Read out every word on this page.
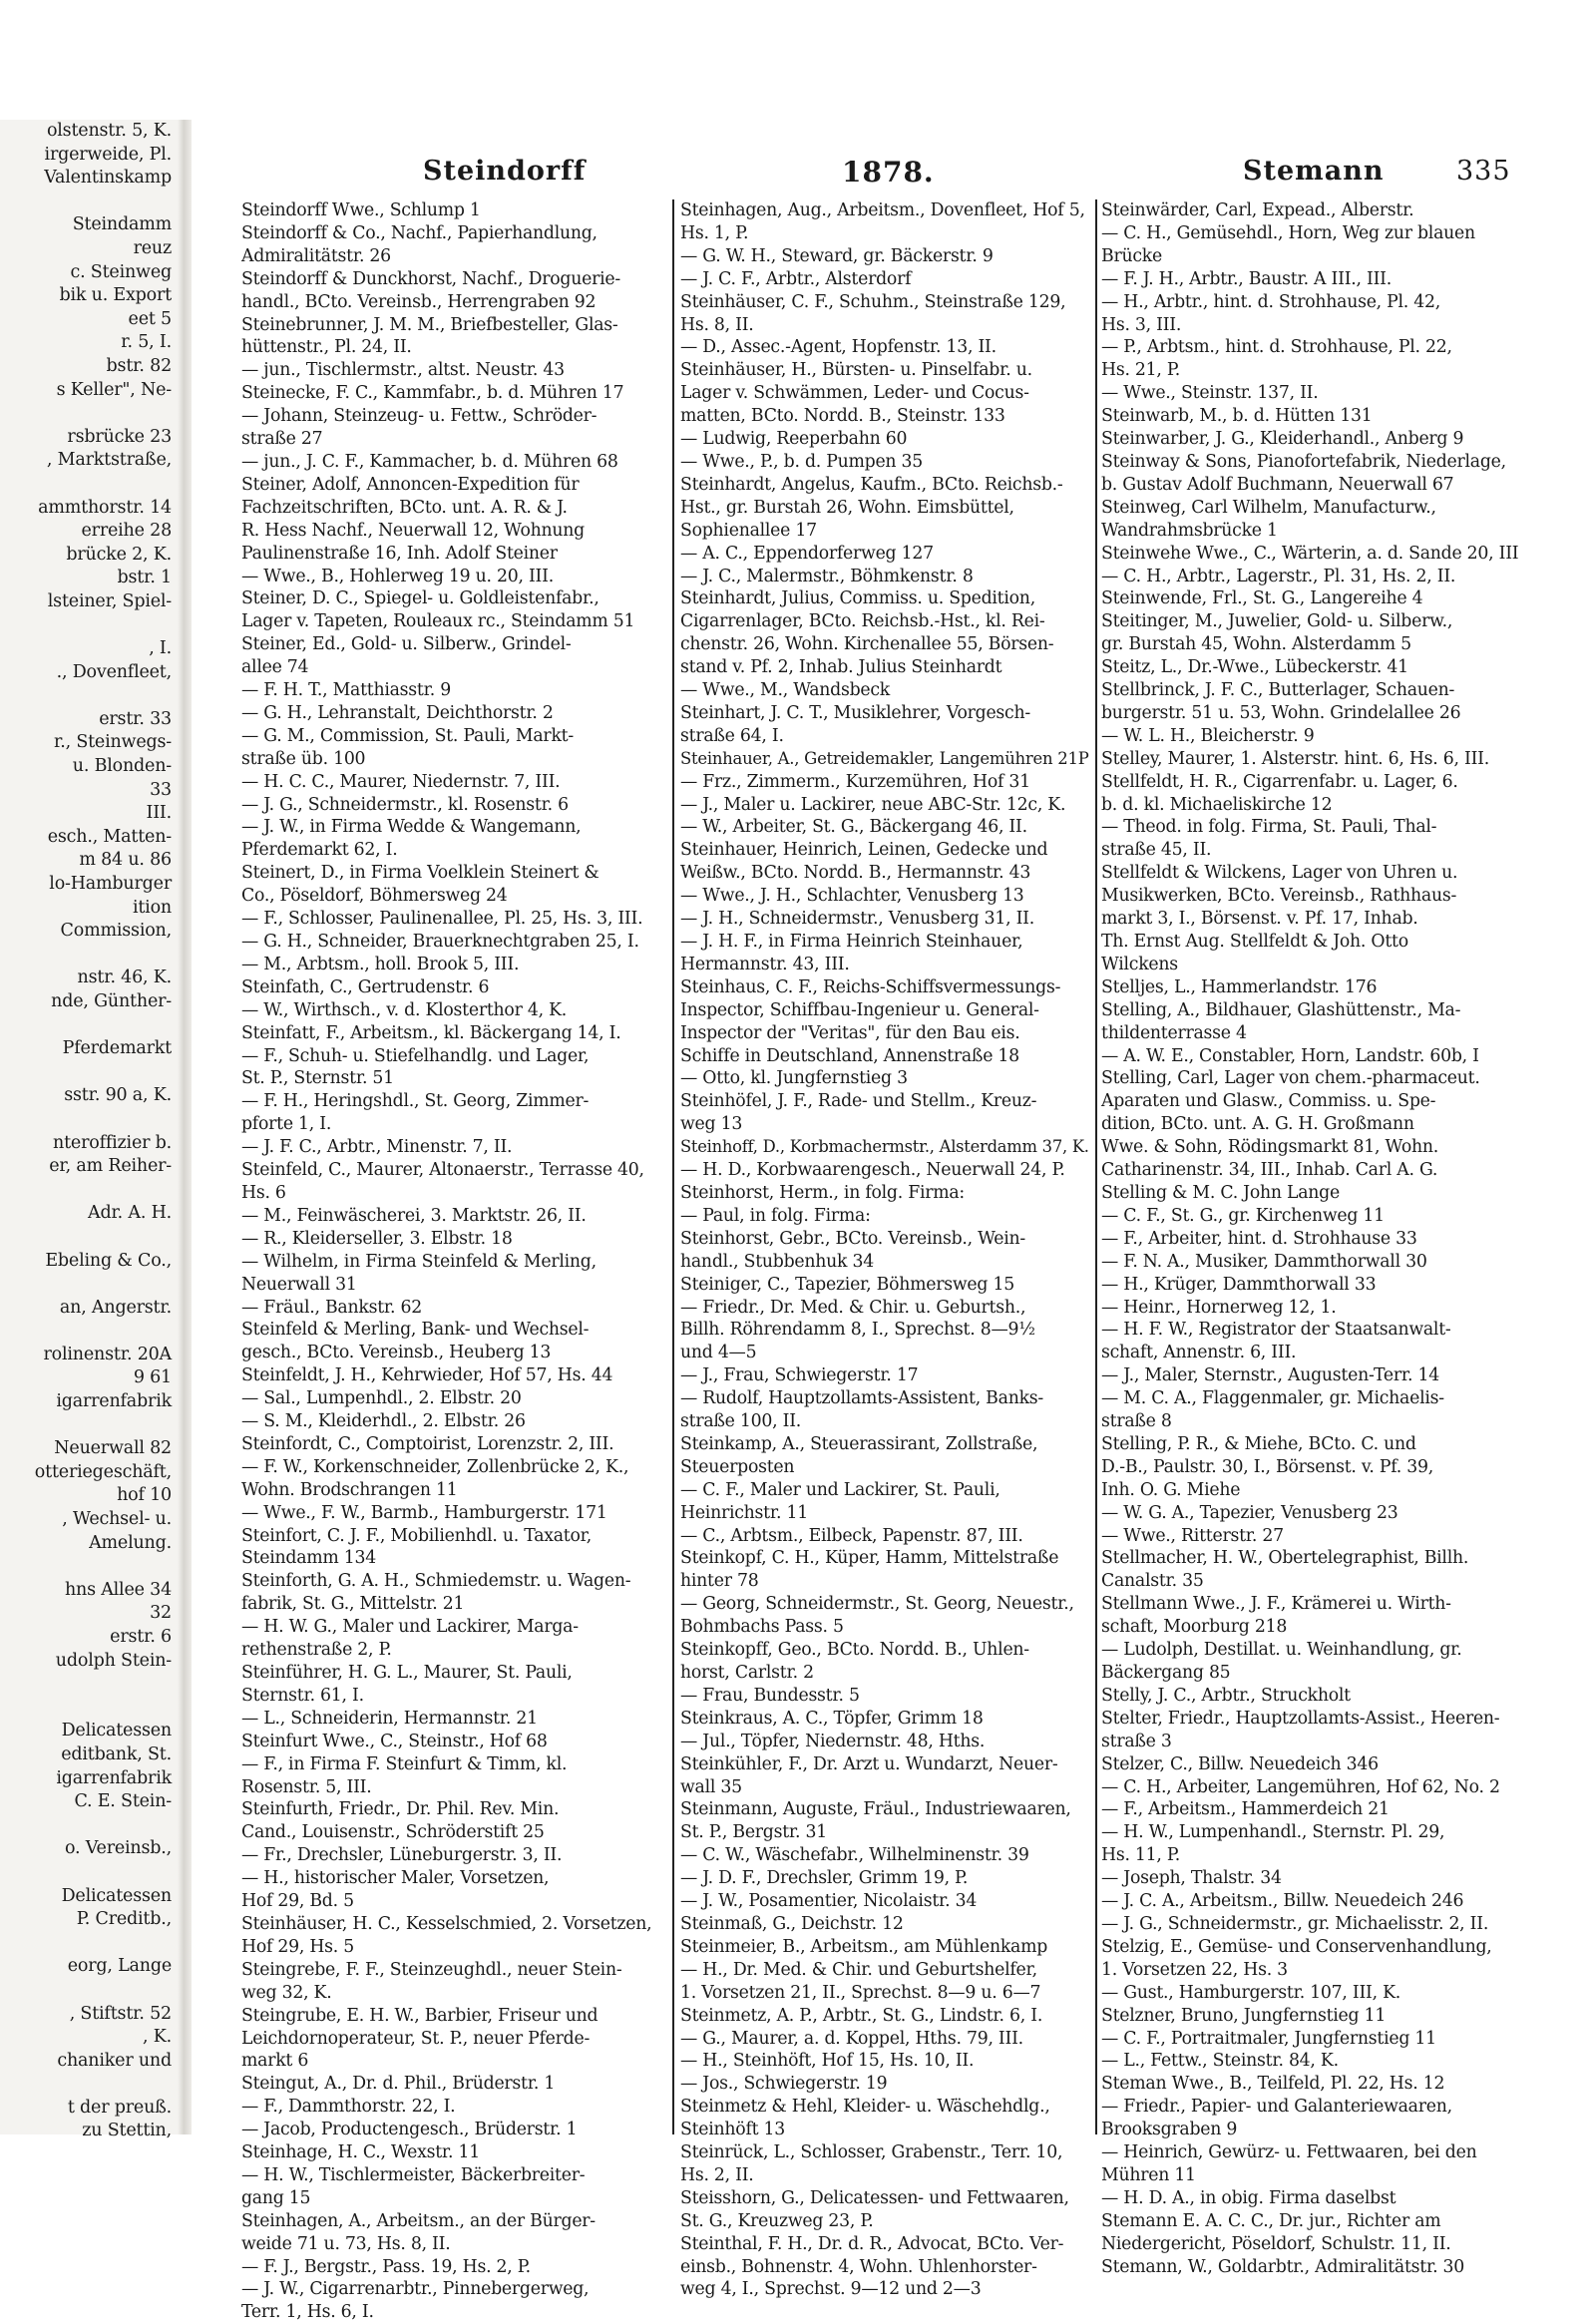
olstenstr. 5, K.
irgerweide, Pl.
Valentinskamp

Steindamm
reuz
c. Steinweg
bik u. Export
eet 5
r. 5, I.
bstr. 82
s Keller", Ne-

rsbrücke 23
, Marktstraße,

ammthorstr. 14
erreihe 28
brücke 2, K.
bstr. 1
lsteiner, Spiel-

, I.
., Dovenfleet,

erstr. 33
r., Steinwegs-
u. Blonden-
33
III.
esch., Matten-
m 84 u. 86
lo-Hamburger
ition
Commission,

nstr. 46, K.
nde, Günther-

Pferdemarkt

sstr. 90 a, K.

nteroffizier b.
er, am Reiher-

Adr. A. H.

Ebeling & Co.,

an, Angerstr.

rolinenstr. 20A
9 61
igarrenfabrik

Neuerwall 82
otteriegeschäft,
hof 10
, Wechsel- u.
Amelung.

hns Allee 34
32
erstr. 6
udolph Stein-

Delicatessen
editbank, St.
igarrenfabrik
C. E. Stein-

o. Vereinsb.,

Delicatessen
P. Creditb.,

eorg, Lange

, Stiftstr. 52
, K.
chaniker und

t der preuß.
zu Stettin,

Steindorff	1878.	Stemann	335
Steindorff Wwe., Schlump 1
Steindorff & Co., Nachf., Papierhandlung,
Admiralitätstr. 26
Steindorff & Dunckhorst, Nachf., Droguerie-
handl., BCto. Vereinsb., Herrengraben 92
Steinebrunner, J. M. M., Briefbesteller, Glas-
hüttenstr., Pl. 24, II.
— jun., Tischlermstr., altst. Neustr. 43
Steinecke, F. C., Kammfabr., b. d. Mühren 17
— Johann, Steinzeug- u. Fettw., Schröder-
straße 27
— jun., J. C. F., Kammacher, b. d. Mühren 68
Steiner, Adolf, Annoncen-Expedition für
Fachzeitschriften, BCto. unt. A. R. & J.
R. Hess Nachf., Neuerwall 12, Wohnung
Paulinenstraße 16, Inh. Adolf Steiner
— Wwe., B., Hohlerweg 19 u. 20, III.
Steiner, D. C., Spiegel- u. Goldleistenfabr.,
Lager v. Tapeten, Rouleaux rc., Steindamm 51
Steiner, Ed., Gold- u. Silberw., Grindel-
allee 74
— F. H. T., Matthiasstr. 9
— G. H., Lehranstalt, Deichthorstr. 2
— G. M., Commission, St. Pauli, Markt-
straße üb. 100
— H. C. C., Maurer, Niedernstr. 7, III.
— J. G., Schneidermstr., kl. Rosenstr. 6
— J. W., in Firma Wedde & Wangemann,
Pferdemarkt 62, I.
Steinert, D., in Firma Voelklein Steinert &
Co., Pöseldorf, Böhmersweg 24
— F., Schlosser, Paulinenallee, Pl. 25, Hs. 3, III.
— G. H., Schneider, Brauerknechtgraben 25, I.
— M., Arbtsm., holl. Brook 5, III.
Steinfath, C., Gertrudenstr. 6
— W., Wirthsch., v. d. Klosterthor 4, K.
Steinfatt, F., Arbeitsm., kl. Bäckergang 14, I.
— F., Schuh- u. Stiefelhandlg. und Lager,
St. P., Sternstr. 51
— F. H., Heringshdl., St. Georg, Zimmer-
pforte 1, I.
— J. F. C., Arbtr., Minenstr. 7, II.
Steinfeld, C., Maurer, Altonaerstr., Terrasse 40,
Hs. 6
— M., Feinwäscherei, 3. Marktstr. 26, II.
— R., Kleiderseller, 3. Elbstr. 18
— Wilhelm, in Firma Steinfeld & Merling,
Neuerwall 31
— Fräul., Bankstr. 62
Steinfeld & Merling, Bank- und Wechsel-
gesch., BCto. Vereinsb., Heuberg 13
Steinfeldt, J. H., Kehrwieder, Hof 57, Hs. 44
— Sal., Lumpenhdl., 2. Elbstr. 20
— S. M., Kleiderhdl., 2. Elbstr. 26
Steinfordt, C., Comptoirist, Lorenzstr. 2, III.
— F. W., Korkenschneider, Zollenbrücke 2, K.,
Wohn. Brodschrangen 11
— Wwe., F. W., Barmb., Hamburgerstr. 171
Steinfort, C. J. F., Mobilienhdl. u. Taxator,
Steindamm 134
Steinforth, G. A. H., Schmiedemstr. u. Wagen-
fabrik, St. G., Mittelstr. 21
— H. W. G., Maler und Lackirer, Marga-
rethenstraße 2, P.
Steinführer, H. G. L., Maurer, St. Pauli,
Sternstr. 61, I.
— L., Schneiderin, Hermannstr. 21
Steinfurt Wwe., C., Steinstr., Hof 68
— F., in Firma F. Steinfurt & Timm, kl.
Rosenstr. 5, III.
Steinfurth, Friedr., Dr. Phil. Rev. Min.
Cand., Louisenstr., Schröderstift 25
— Fr., Drechsler, Lüneburgerstr. 3, II.
— H., historischer Maler, Vorsetzen,
Hof 29, Bd. 5
Steinhäuser, H. C., Kesselschmied, 2. Vorsetzen,
Hof 29, Hs. 5
Steingrebe, F. F., Steinzeughdl., neuer Stein-
weg 32, K.
Steingrube, E. H. W., Barbier, Friseur und
Leichdornoperateur, St. P., neuer Pferde-
markt 6
Steingut, A., Dr. d. Phil., Brüderstr. 1
— F., Dammthorstr. 22, I.
— Jacob, Productengesch., Brüderstr. 1
Steinhage, H. C., Wexstr. 11
— H. W., Tischlermeister, Bäckerbreiter-
gang 15
Steinhagen, A., Arbeitsm., an der Bürger-
weide 71 u. 73, Hs. 8, II.
— F. J., Bergstr., Pass. 19, Hs. 2, P.
— J. W., Cigarrenarbtr., Pinnebergerweg,
Terr. 1, Hs. 6, I.
Steinhagen, Aug., Arbeitsm., Dovenfleet, Hof 5,
Hs. 1, P.
— G. W. H., Steward, gr. Bäckerstr. 9
— J. C. F., Arbtr., Alsterdorf
Steinhäuser, C. F., Schuhm., Steinstraße 129,
Hs. 8, II.
— D., Assec.-Agent, Hopfenstr. 13, II.
Steinhäuser, H., Bürsten- u. Pinselfabr. u.
Lager v. Schwämmen, Leder- und Cocus-
matten, BCto. Nordd. B., Steinstr. 133
— Ludwig, Reeperbahn 60
— Wwe., P., b. d. Pumpen 35
Steinhardt, Angelus, Kaufm., BCto. Reichsb.-
Hst., gr. Burstah 26, Wohn. Eimsbüttel,
Sophienallee 17
— A. C., Eppendorferweg 127
— J. C., Malermstr., Böhmkenstr. 8
Steinhardt, Julius, Commiss. u. Spedition,
Cigarrenlager, BCto. Reichsb.-Hst., kl. Rei-
chenstr. 26, Wohn. Kirchenallee 55, Börsen-
stand v. Pf. 2, Inhab. Julius Steinhardt
— Wwe., M., Wandsbeck
Steinhart, J. C. T., Musiklehrer, Vorgesch-
straße 64, I.
Steinhauer, A., Getreidemakler, Langemühren 21P
— Frz., Zimmerm., Kurzemühren, Hof 31
— J., Maler u. Lackirer, neue ABC-Str. 12c, K.
— W., Arbeiter, St. G., Bäckergang 46, II.
Steinhauer, Heinrich, Leinen, Gedecke und
Weißw., BCto. Nordd. B., Hermannstr. 43
— Wwe., J. H., Schlachter, Venusberg 13
— J. H., Schneidermstr., Venusberg 31, II.
— J. H. F., in Firma Heinrich Steinhauer,
Hermannstr. 43, III.
Steinhaus, C. F., Reichs-Schiffsvermessungs-
Inspector, Schiffbau-Ingenieur u. General-
Inspector der "Veritas", für den Bau eis.
Schiffe in Deutschland, Annenstraße 18
— Otto, kl. Jungfernstieg 3
Steinhöfel, J. F., Rade- und Stellm., Kreuz-
weg 13
Steinhoff, D., Korbmachermstr., Alsterdamm 37, K.
— H. D., Korbwaarengesch., Neuerwall 24, P.
Steinhorst, Herm., in folg. Firma:
— Paul, in folg. Firma:
Steinhorst, Gebr., BCto. Vereinsb., Wein-
handl., Stubbenhuk 34
Steiniger, C., Tapezier, Böhmersweg 15
— Friedr., Dr. Med. & Chir. u. Geburtsh.,
Billh. Röhrendamm 8, I., Sprechst. 8—9½
und 4—5
— J., Frau, Schwiegerstr. 17
— Rudolf, Hauptzollamts-Assistent, Banks-
straße 100, II.
Steinkamp, A., Steuerassirant, Zollstraße,
Steuerposten
— C. F., Maler und Lackirer, St. Pauli,
Heinrichstr. 11
— C., Arbtsm., Eilbeck, Papenstr. 87, III.
Steinkopf, C. H., Küper, Hamm, Mittelstraße
hinter 78
— Georg, Schneidermstr., St. Georg, Neuestr.,
Bohmbachs Pass. 5
Steinkopff, Geo., BCto. Nordd. B., Uhlen-
horst, Carlstr. 2
— Frau, Bundesstr. 5
Steinkraus, A. C., Töpfer, Grimm 18
— Jul., Töpfer, Niedernstr. 48, Hths.
Steinkühler, F., Dr. Arzt u. Wundarzt, Neuer-
wall 35
Steinmann, Auguste, Fräul., Industriewaaren,
St. P., Bergstr. 31
— C. W., Wäschefabr., Wilhelminenstr. 39
— J. D. F., Drechsler, Grimm 19, P.
— J. W., Posamentier, Nicolaistr. 34
Steinmaß, G., Deichstr. 12
Steinmeier, B., Arbeitsm., am Mühlenkamp
— H., Dr. Med. & Chir. und Geburtshelfer,
1. Vorsetzen 21, II., Sprechst. 8—9 u. 6—7
Steinmetz, A. P., Arbtr., St. G., Lindstr. 6, I.
— G., Maurer, a. d. Koppel, Hths. 79, III.
— H., Steinhöft, Hof 15, Hs. 10, II.
— Jos., Schwiegerstr. 19
Steinmetz & Hehl, Kleider- u. Wäschehdlg.,
Steinhöft 13
Steinrück, L., Schlosser, Grabenstr., Terr. 10,
Hs. 2, II.
Steisshorn, G., Delicatessen- und Fettwaaren,
St. G., Kreuzweg 23, P.
Steinthal, F. H., Dr. d. R., Advocat, BCto. Ver-
einsb., Bohnenstr. 4, Wohn. Uhlenhorster-
weg 4, I., Sprechst. 9—12 und 2—3
Steinwärder, Carl, Expead., Alberstr.
— C. H., Gemüsehdl., Horn, Weg zur blauen
Brücke
— F. J. H., Arbtr., Baustr. A III., III.
— H., Arbtr., hint. d. Strohhause, Pl. 42,
Hs. 3, III.
— P., Arbtsm., hint. d. Strohhause, Pl. 22,
Hs. 21, P.
— Wwe., Steinstr. 137, II.
Steinwarb, M., b. d. Hütten 131
Steinwarber, J. G., Kleiderhandl., Anberg 9
Steinway & Sons, Pianofortefabrik, Niederlage,
b. Gustav Adolf Buchmann, Neuerwall 67
Steinweg, Carl Wilhelm, Manufacturw.,
Wandrahmsbrücke 1
Steinwehe Wwe., C., Wärterin, a. d. Sande 20, III
— C. H., Arbtr., Lagerstr., Pl. 31, Hs. 2, II.
Steinwende, Frl., St. G., Langereihe 4
Steitinger, M., Juwelier, Gold- u. Silberw.,
gr. Burstah 45, Wohn. Alsterdamm 5
Steitz, L., Dr.-Wwe., Lübeckerstr. 41
Stellbrinck, J. F. C., Butterlager, Schauen-
burgerstr. 51 u. 53, Wohn. Grindelallee 26
— W. L. H., Bleicherstr. 9
Stelley, Maurer, 1. Alsterstr. hint. 6, Hs. 6, III.
Stellfeldt, H. R., Cigarrenfabr. u. Lager, 6.
b. d. kl. Michaeliskirche 12
— Theod. in folg. Firma, St. Pauli, Thal-
straße 45, II.
Stellfeldt & Wilckens, Lager von Uhren u.
Musikwerken, BCto. Vereinsb., Rathhaus-
markt 3, I., Börsenst. v. Pf. 17, Inhab.
Th. Ernst Aug. Stellfeldt & Joh. Otto
Wilckens
Stelljes, L., Hammerlandstr. 176
Stelling, A., Bildhauer, Glashüttenstr., Ma-
thildenterrasse 4
— A. W. E., Constabler, Horn, Landstr. 60b, I
Stelling, Carl, Lager von chem.-pharmaceut.
Aparaten und Glasw., Commiss. u. Spe-
dition, BCto. unt. A. G. H. Großmann
Wwe. & Sohn, Rödingsmarkt 81, Wohn.
Catharinenstr. 34, III., Inhab. Carl A. G.
Stelling & M. C. John Lange
— C. F., St. G., gr. Kirchenweg 11
— F., Arbeiter, hint. d. Strohhause 33
— F. N. A., Musiker, Dammthorwall 30
— H., Krüger, Dammthorwall 33
— Heinr., Hornerweg 12, 1.
— H. F. W., Registrator der Staatsanwalt-
schaft, Annenstr. 6, III.
— J., Maler, Sternstr., Augusten-Terr. 14
— M. C. A., Flaggenmaler, gr. Michaelis-
straße 8
Stelling, P. R., & Miehe, BCto. C. und
D.-B., Paulstr. 30, I., Börsenst. v. Pf. 39,
Inh. O. G. Miehe
— W. G. A., Tapezier, Venusberg 23
— Wwe., Ritterstr. 27
Stellmacher, H. W., Obertelegraphist, Billh.
Canalstr. 35
Stellmann Wwe., J. F., Krämerei u. Wirth-
schaft, Moorburg 218
— Ludolph, Destillat. u. Weinhandlung, gr.
Bäckergang 85
Stelly, J. C., Arbtr., Struckholt
Stelter, Friedr., Hauptzollamts-Assist., Heeren-
straße 3
Stelzer, C., Billw. Neuedeich 346
— C. H., Arbeiter, Langemühren, Hof 62, No. 2
— F., Arbeitsm., Hammerdeich 21
— H. W., Lumpenhandl., Sternstr. Pl. 29,
Hs. 11, P.
— Joseph, Thalstr. 34
— J. C. A., Arbeitsm., Billw. Neuedeich 246
— J. G., Schneidermstr., gr. Michaelisstr. 2, II.
Stelzig, E., Gemüse- und Conservenhandlung,
1. Vorsetzen 22, Hs. 3
— Gust., Hamburgerstr. 107, III, K.
Stelzner, Bruno, Jungfernstieg 11
— C. F., Portraitmaler, Jungfernstieg 11
— L., Fettw., Steinstr. 84, K.
Steman Wwe., B., Teilfeld, Pl. 22, Hs. 12
— Friedr., Papier- und Galanteriewaaren,
Brooksgraben 9
— Heinrich, Gewürz- u. Fettwaaren, bei den
Mühren 11
— H. D. A., in obig. Firma daselbst
Stemann E. A. C. C., Dr. jur., Richter am
Niedergericht, Pöseldorf, Schulstr. 11, II.
Stemann, W., Goldarbtr., Admiralitätstr. 30
